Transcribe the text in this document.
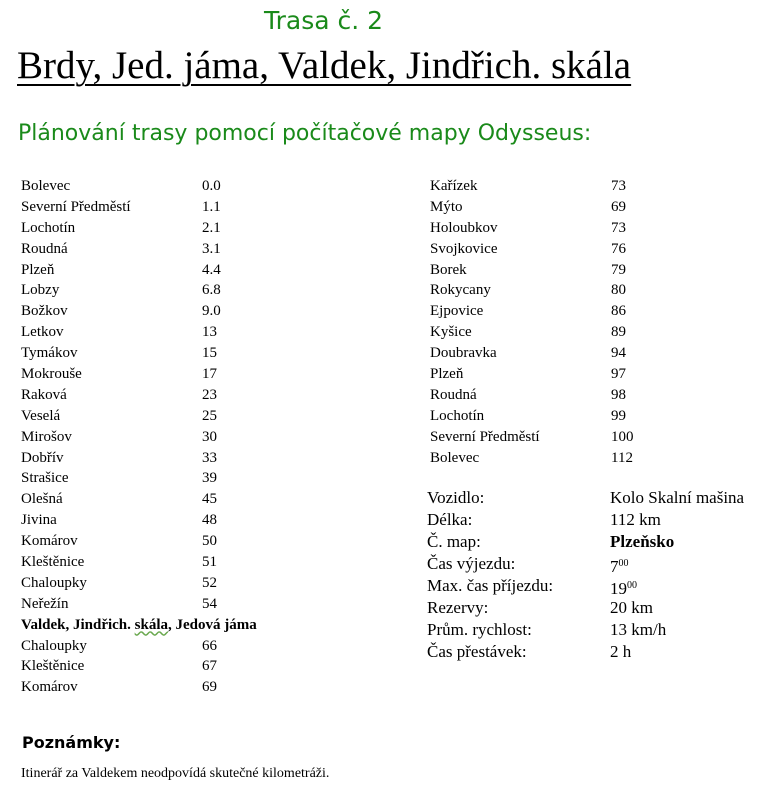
Trasa č. 2
Brdy, Jed. jáma, Valdek, Jindřich. skála
Plánování trasy pomocí počítačové mapy Odysseus:
Bolevec	0.0
Severní Předměstí	1.1
Lochotín	2.1
Roudná	3.1
Plzeň	4.4
Lobzy	6.8
Božkov	9.0
Letkov	13
Tymákov	15
Mokrouše	17
Raková	23
Veselá	25
Mirošov	30
Dobřív	33
Strašice	39
Olešná	45
Jivina	48
Komárov	50
Kleštěnice	51
Chaloupky	52
Neřežín	54
Valdek, Jindřich. skála, Jedová jáma
Chaloupky	66
Kleštěnice	67
Komárov	69
Kařízek	73
Mýto	69
Holoubkov	73
Svojkovice	76
Borek	79
Rokycany	80
Ejpovice	86
Kyšice	89
Doubravka	94
Plzeň	97
Roudná	98
Lochotín	99
Severní Předměstí	100
Bolevec	112
Vozidlo:	Kolo Skalní mašina
Délka:	112 km
Č. map:	Plzeňsko
Čas výjezdu:	$7^{00}$
Max. čas příjezdu:	$19^{00}$
Rezervy:	20 km
Prům. rychlost:	13 km/h
Čas přestávek:	2 h
Poznámky:
Itinerář za Valdekem neodpovídá skutečné kilometráži.
